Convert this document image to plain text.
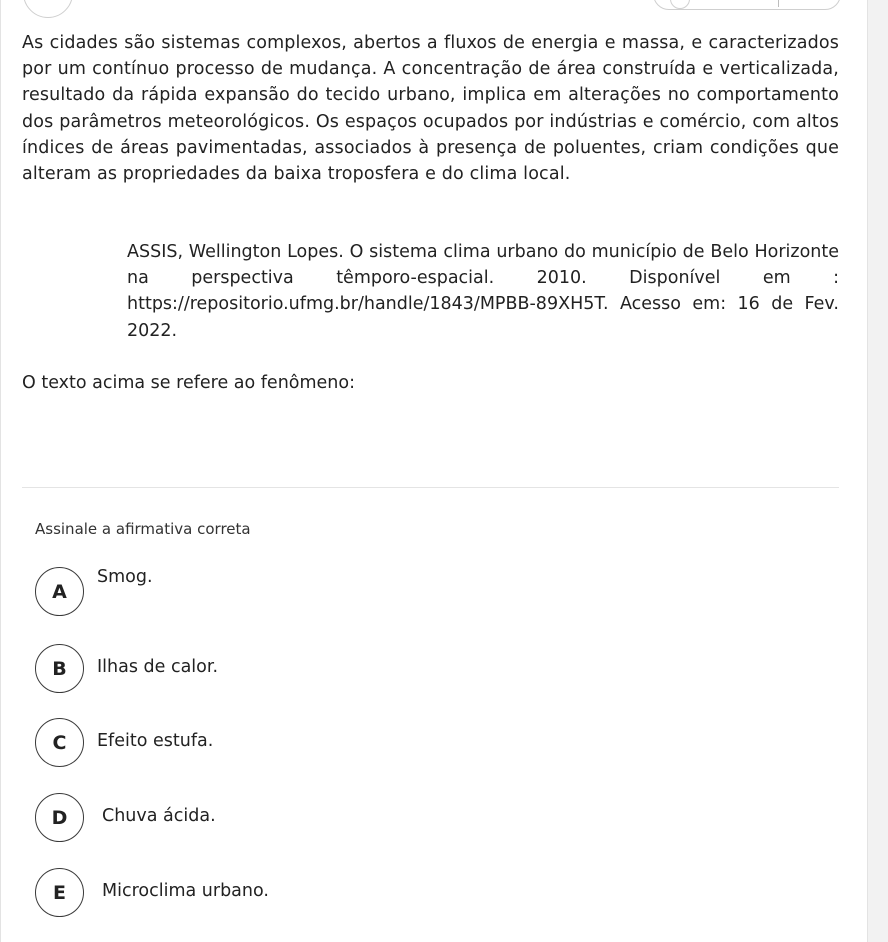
As cidades são sistemas complexos, abertos a fluxos de energia e massa, e caracterizados por um contínuo processo de mudança. A concentração de área construída e verticalizada, resultado da rápida expansão do tecido urbano, implica em alterações no comportamento dos parâmetros meteorológicos. Os espaços ocupados por indústrias e comércio, com altos índices de áreas pavimentadas, associados à presença de poluentes, criam condições que alteram as propriedades da baixa troposfera e do clima local.

ASSIS, Wellington Lopes. O sistema clima urbano do município de Belo Horizonte na perspectiva têmporo-espacial. 2010. Disponível em : https://repositorio.ufmg.br/handle/1843/MPBB-89XH5T. Acesso em: 16 de Fev. 2022.

O texto acima se refere ao fenômeno:

Assinale a afirmativa correta

A
Smog.
B	Ilhas de calor.
C	Efeito estufa.
D	Chuva ácida.
E	Microclima urbano.
